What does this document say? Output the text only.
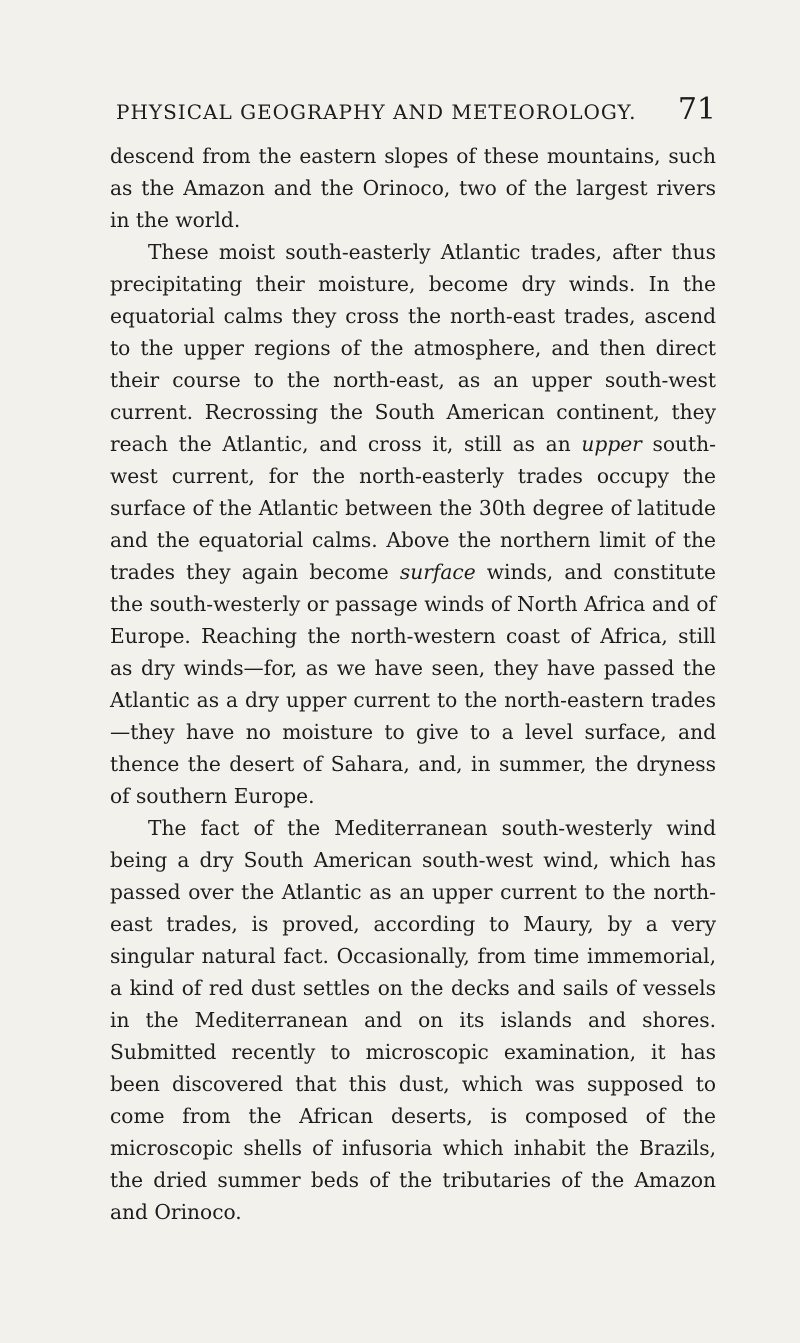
PHYSICAL GEOGRAPHY AND METEOROLOGY. 71

descend from the eastern slopes of these mountains, such as the Amazon and the Orinoco, two of the largest rivers in the world.

These moist south-easterly Atlantic trades, after thus precipitating their moisture, become dry winds. In the equatorial calms they cross the north-east trades, ascend to the upper regions of the atmosphere, and then direct their course to the north-east, as an upper south-west current. Recrossing the South American continent, they reach the Atlantic, and cross it, still as an upper south-west current, for the north-easterly trades occupy the surface of the Atlantic between the 30th degree of latitude and the equatorial calms. Above the northern limit of the trades they again become surface winds, and constitute the south-westerly or passage winds of North Africa and of Europe. Reaching the north-western coast of Africa, still as dry winds—for, as we have seen, they have passed the Atlantic as a dry upper current to the north-eastern trades—they have no moisture to give to a level surface, and thence the desert of Sahara, and, in summer, the dryness of southern Europe.

The fact of the Mediterranean south-westerly wind being a dry South American south-west wind, which has passed over the Atlantic as an upper current to the north-east trades, is proved, according to Maury, by a very singular natural fact. Occasionally, from time immemorial, a kind of red dust settles on the decks and sails of vessels in the Mediterranean and on its islands and shores. Submitted recently to microscopic examination, it has been discovered that this dust, which was supposed to come from the African deserts, is composed of the microscopic shells of infusoria which inhabit the Brazils, the dried summer beds of the tributaries of the Amazon and Orinoco.
